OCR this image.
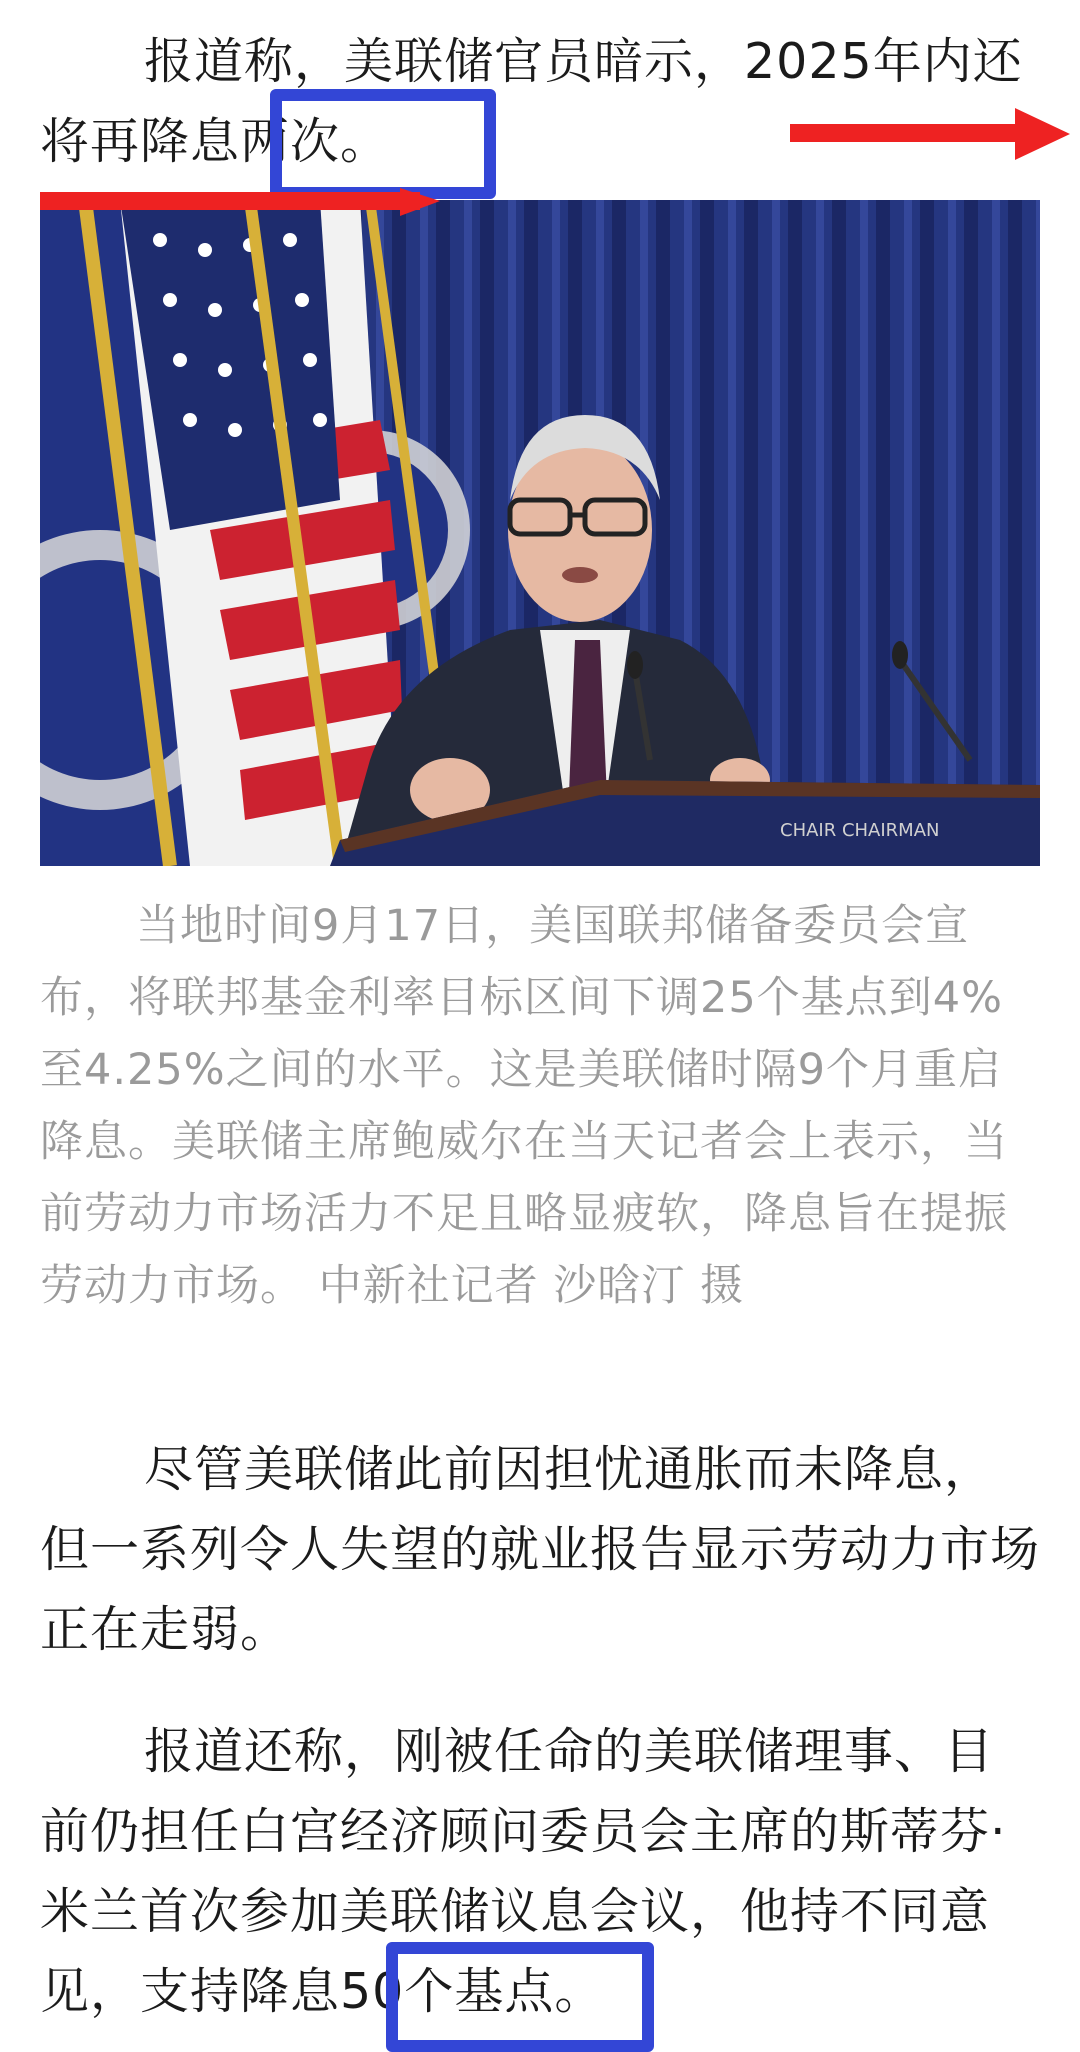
报道称，美联储官员暗示，2025年内还将再降息两次。

CHAIR CHAIRMAN

当地时间9月17日，美国联邦储备委员会宣布，将联邦基金利率目标区间下调25个基点到4%至4.25%之间的水平。这是美联储时隔9个月重启降息。美联储主席鲍威尔在当天记者会上表示，当前劳动力市场活力不足且略显疲软，降息旨在提振劳动力市场。 中新社记者 沙晗汀 摄

尽管美联储此前因担忧通胀而未降息，但一系列令人失望的就业报告显示劳动力市场正在走弱。

报道还称，刚被任命的美联储理事、目前仍担任白宫经济顾问委员会主席的斯蒂芬·米兰首次参加美联储议息会议，他持不同意见，支持降息50个基点。
